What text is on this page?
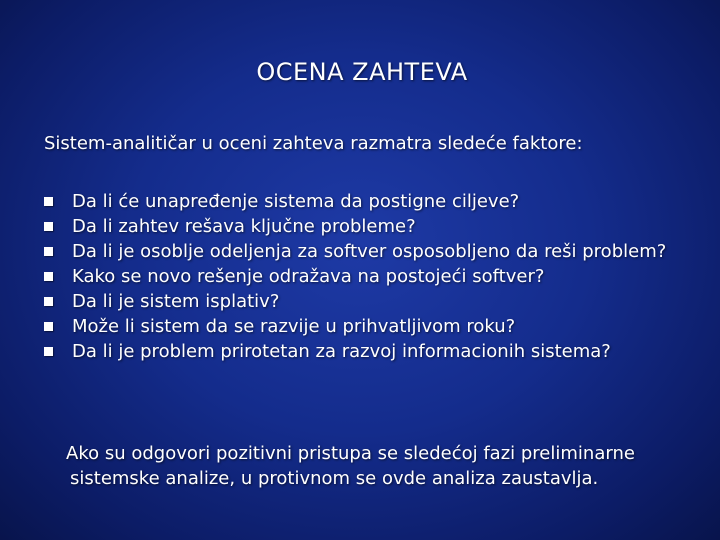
OCENA ZAHTEVA
Sistem-analitičar u oceni zahteva razmatra sledeće faktore:
Da li će unapređenje sistema da postigne ciljeve?
Da li zahtev rešava ključne probleme?
Da li je osoblje odeljenja za softver osposobljeno da reši problem?
Kako se novo rešenje odražava na postojeći softver?
Da li je sistem isplativ?
Može li sistem da se razvije u prihvatljivom roku?
Da li je problem prirotetan za razvoj informacionih sistema?
Ako su odgovori pozitivni pristupa se sledećoj fazi preliminarne sistemske analize, u protivnom se ovde analiza zaustavlja.
